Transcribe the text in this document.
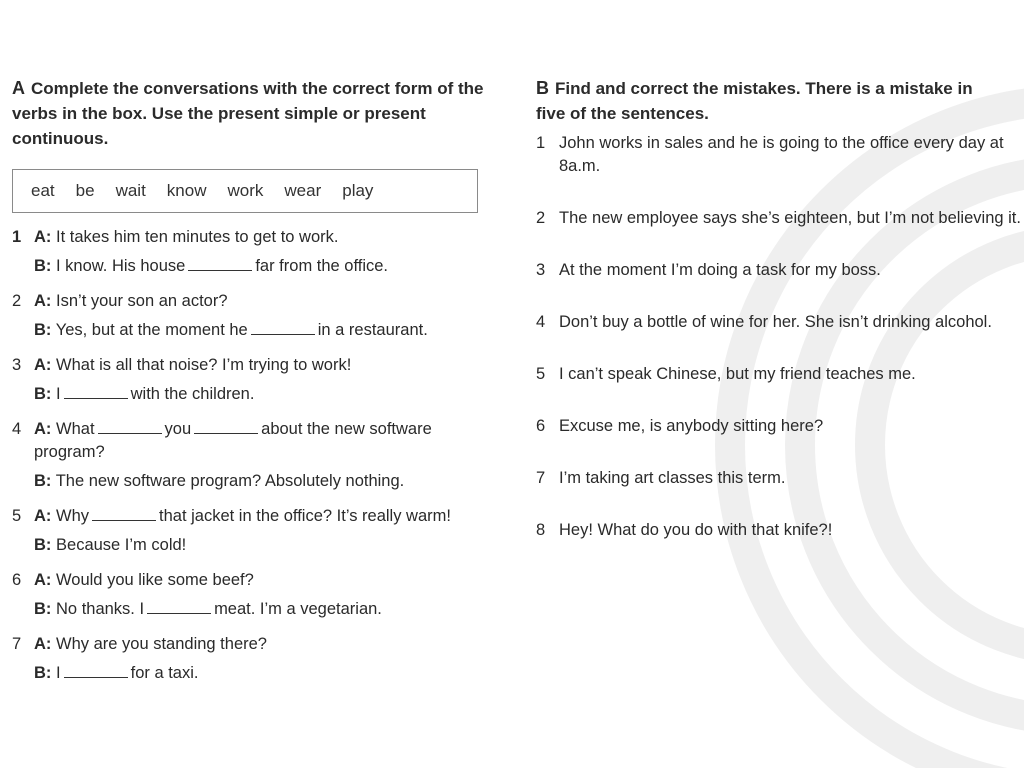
A Complete the conversations with the correct form of the verbs in the box. Use the present simple or present continuous.
eat be wait know work wear play
1 A: It takes him ten minutes to get to work.
B: I know. His house	far from the office.
2 A: Isn’t your son an actor?
B: Yes, but at the moment he	in a restaurant.
3 A: What is all that noise? I’m trying to work!
B: I	with the children.
4 A: What	you	about the new software
program?
B: The new software program? Absolutely nothing.
5 A: Why	that jacket in the office? It’s really warm!
B: Because I’m cold!
6 A: Would you like some beef?
B: No thanks. I	meat. I’m a vegetarian.
7 A: Why are you standing there?
B: I	for a taxi.
B Find and correct the mistakes. There is a mistake in
five of the sentences.
1 John works in sales and he is going to the office every day at 8a.m.
2 The new employee says she’s eighteen, but I’m not believing it.
3 At the moment I’m doing a task for my boss.
4 Don’t buy a bottle of wine for her. She isn’t drinking alcohol.
5 I can’t speak Chinese, but my friend teaches me.
6 Excuse me, is anybody sitting here?
7 I’m taking art classes this term.
8 Hey! What do you do with that knife?!
